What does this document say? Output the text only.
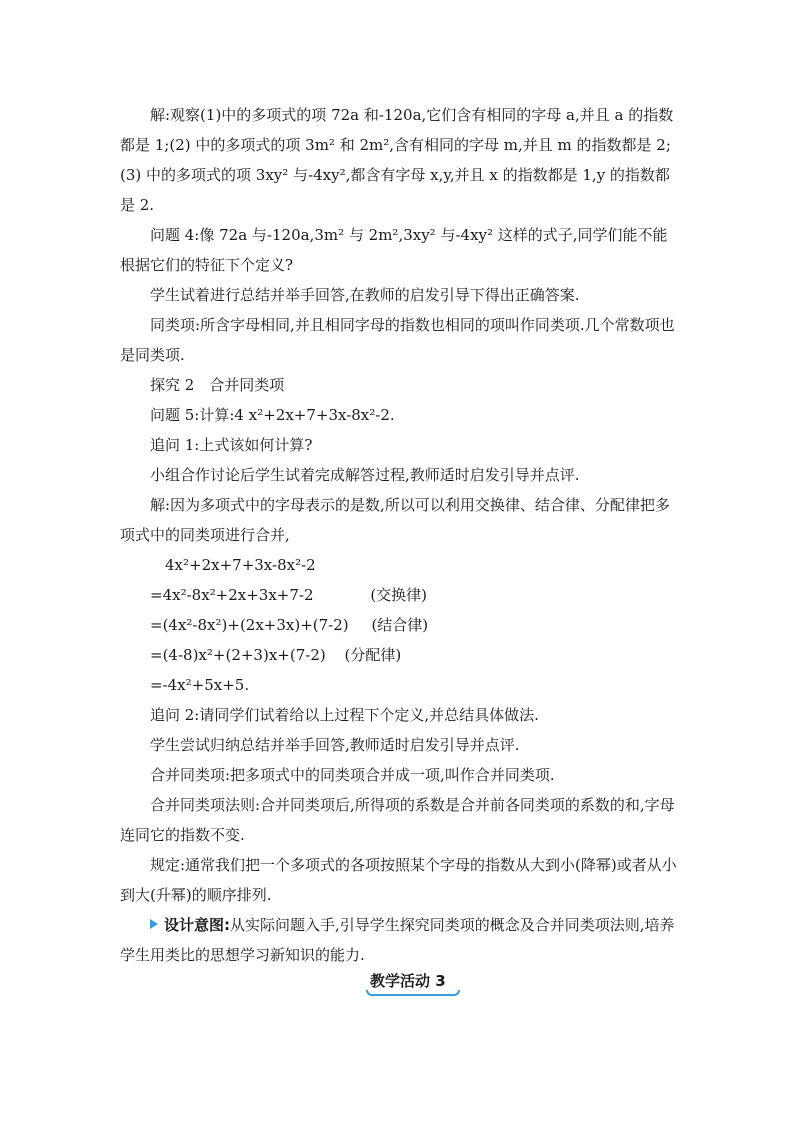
解:观察(1)中的多项式的项 72a 和-120a,它们含有相同的字母 a,并且 a 的指数都是 1;(2) 中的多项式的项 3m² 和 2m²,含有相同的字母 m,并且 m 的指数都是 2;(3) 中的多项式的项 3xy² 与-4xy²,都含有字母 x,y,并且 x 的指数都是 1,y 的指数都是 2.

问题 4:像 72a 与-120a,3m² 与 2m²,3xy² 与-4xy² 这样的式子,同学们能不能根据它们的特征下个定义?

学生试着进行总结并举手回答,在教师的启发引导下得出正确答案.

同类项:所含字母相同,并且相同字母的指数也相同的项叫作同类项.几个常数项也是同类项.

探究 2　合并同类项

问题 5:计算:4 x²+2x+7+3x-8x²-2.

追问 1:上式该如何计算?

小组合作讨论后学生试着完成解答过程,教师适时启发引导并点评.

解:因为多项式中的字母表示的是数,所以可以利用交换律、结合律、分配律把多项式中的同类项进行合并,

4x²+2x+7+3x-8x²-2

=4x²-8x²+2x+3x+7-2	(交换律)

=(4x²-8x²)+(2x+3x)+(7-2) (结合律)

=(4-8)x²+(2+3)x+(7-2) (分配律)

=-4x²+5x+5.

追问 2:请同学们试着给以上过程下个定义,并总结具体做法.

学生尝试归纳总结并举手回答,教师适时启发引导并点评.

合并同类项:把多项式中的同类项合并成一项,叫作合并同类项.

合并同类项法则:合并同类项后,所得项的系数是合并前各同类项的系数的和,字母连同它的指数不变.

规定:通常我们把一个多项式的各项按照某个字母的指数从大到小(降幂)或者从小到大(升幂)的顺序排列.

设计意图:从实际问题入手,引导学生探究同类项的概念及合并同类项法则,培养学生用类比的思想学习新知识的能力.

教学活动 3
